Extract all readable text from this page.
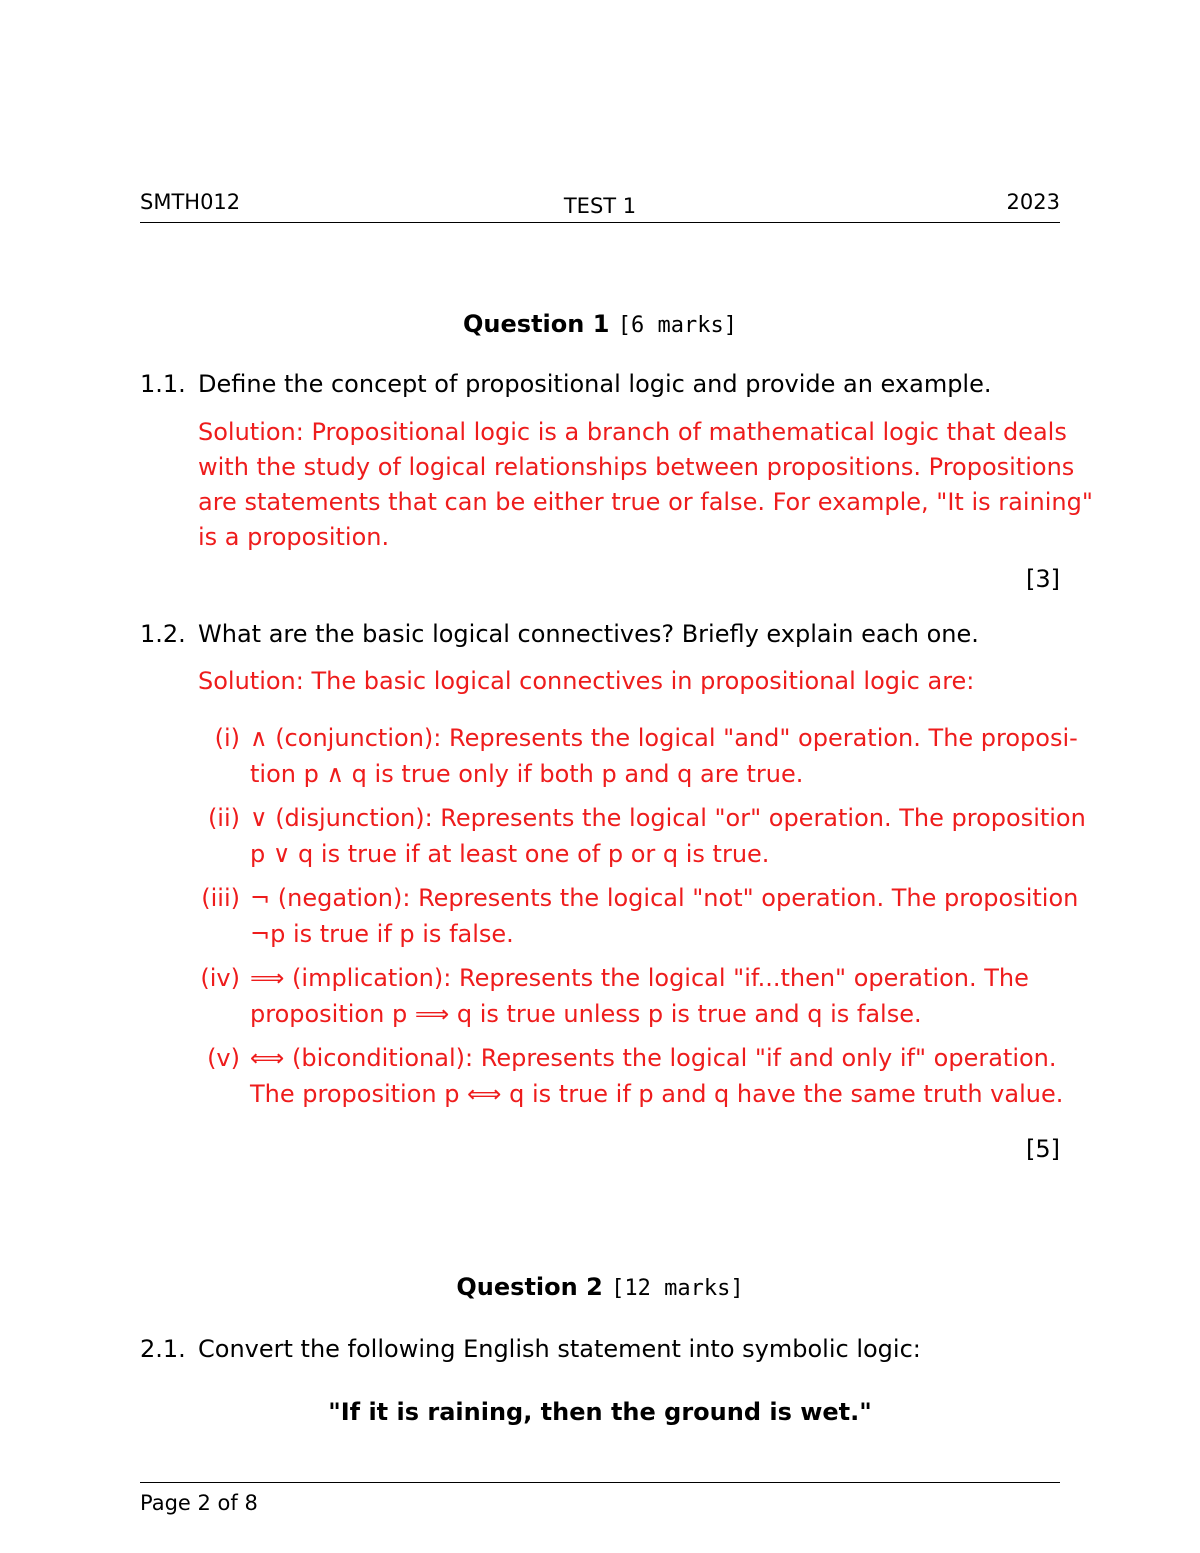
SMTH012	TEST 1	2023
Question 1 [6 marks]
1.1. Define the concept of propositional logic and provide an example.
Solution: Propositional logic is a branch of mathematical logic that deals
with the study of logical relationships between propositions. Propositions
are statements that can be either true or false. For example, "It is raining"
is a proposition.
[3]
1.2. What are the basic logical connectives? Briefly explain each one.
Solution: The basic logical connectives in propositional logic are:
(i) ∧ (conjunction): Represents the logical "and" operation. The proposi-
tion p ∧ q is true only if both p and q are true.
(ii) ∨ (disjunction): Represents the logical "or" operation. The proposition
p ∨ q is true if at least one of p or q is true.
(iii) ¬ (negation): Represents the logical "not" operation. The proposition
¬p is true if p is false.
(iv) ⟹ (implication): Represents the logical "if...then" operation. The
proposition p ⟹ q is true unless p is true and q is false.
(v) ⟺ (biconditional): Represents the logical "if and only if" operation.
The proposition p ⟺ q is true if p and q have the same truth value.
[5]
Question 2 [12 marks]
2.1. Convert the following English statement into symbolic logic:
"If it is raining, then the ground is wet."
Page 2 of 8
